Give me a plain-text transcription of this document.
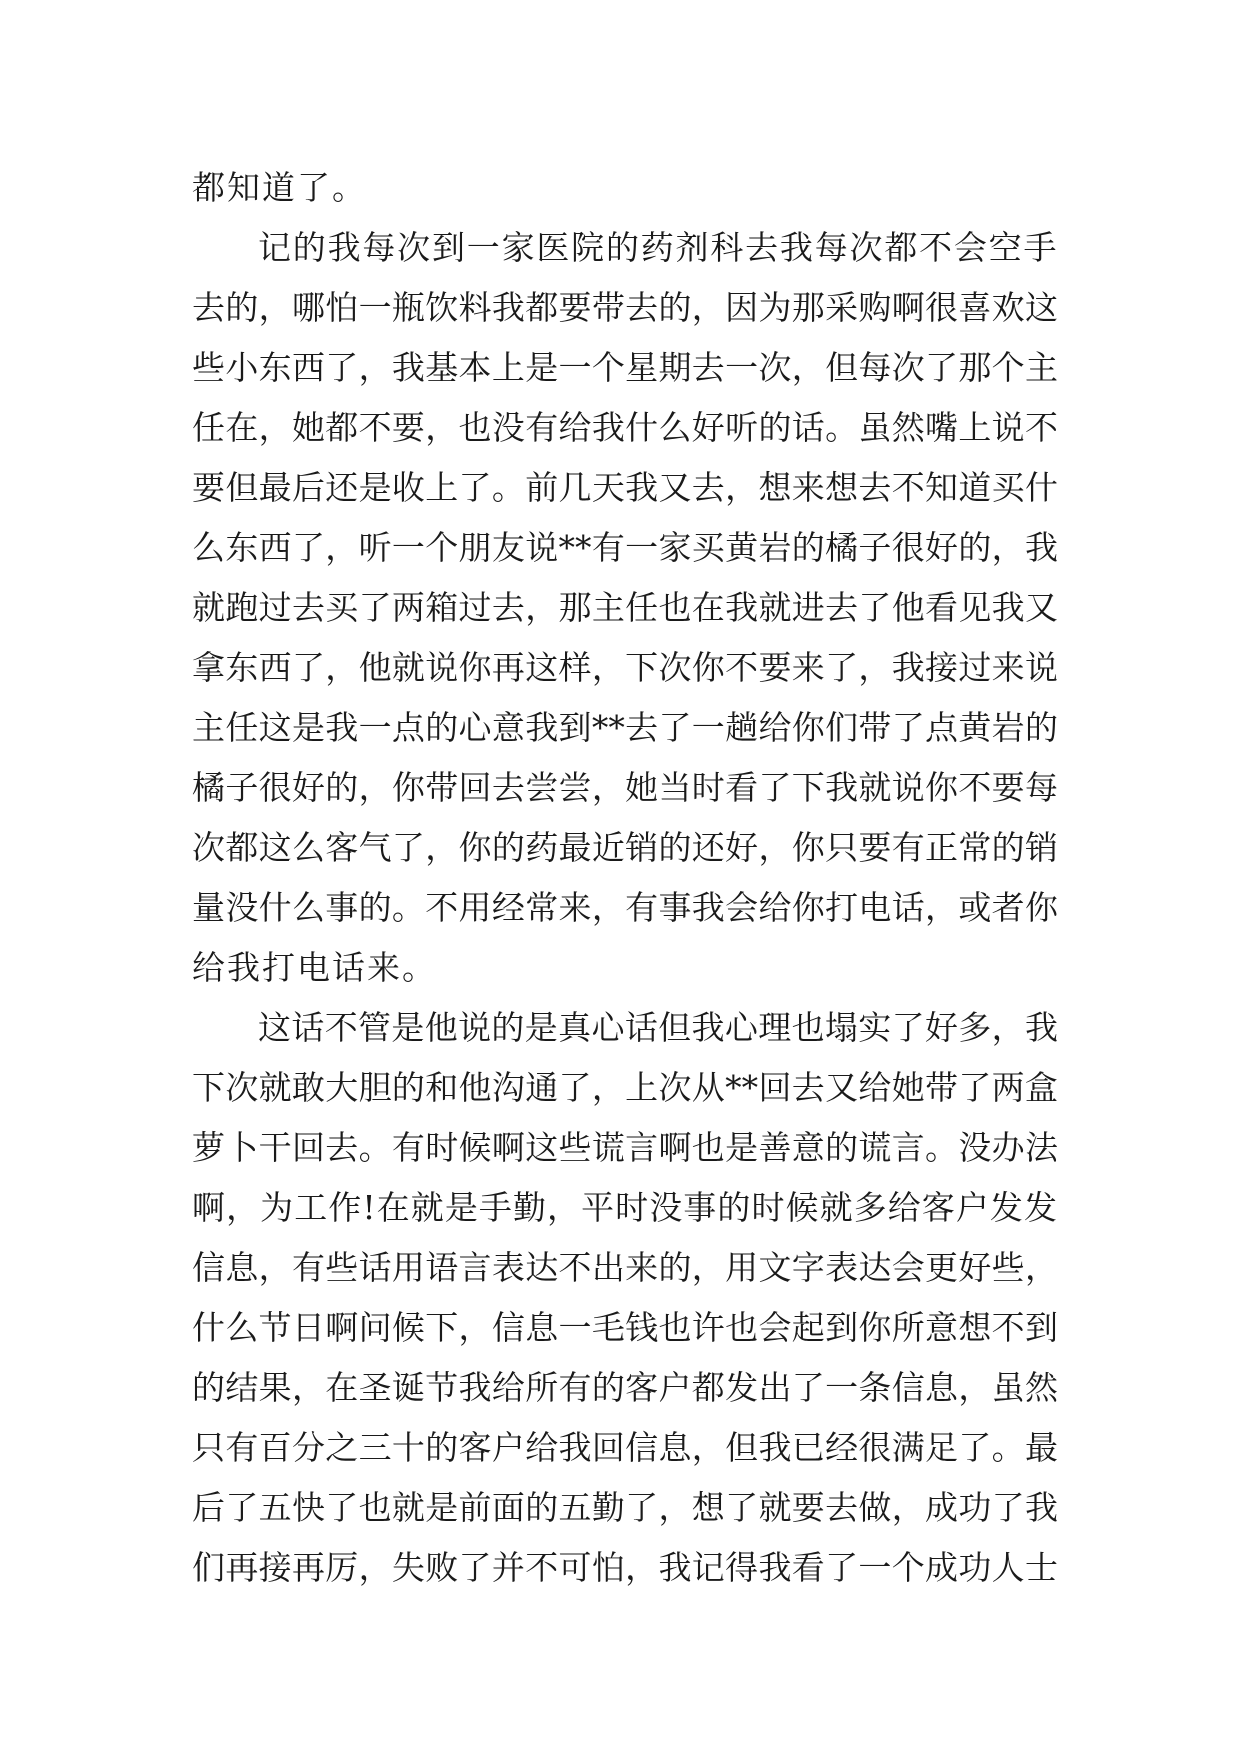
都知道了。
记的我每次到一家医院的药剂科去我每次都不会空手
去的，哪怕一瓶饮料我都要带去的，因为那采购啊很喜欢这
些小东西了，我基本上是一个星期去一次，但每次了那个主
任在，她都不要，也没有给我什么好听的话。虽然嘴上说不
要但最后还是收上了。前几天我又去，想来想去不知道买什
么东西了，听一个朋友说**有一家买黄岩的橘子很好的，我
就跑过去买了两箱过去，那主任也在我就进去了他看见我又
拿东西了，他就说你再这样，下次你不要来了，我接过来说
主任这是我一点的心意我到**去了一趟给你们带了点黄岩的
橘子很好的，你带回去尝尝，她当时看了下我就说你不要每
次都这么客气了，你的药最近销的还好，你只要有正常的销
量没什么事的。不用经常来，有事我会给你打电话，或者你
给我打电话来。
这话不管是他说的是真心话但我心理也塌实了好多，我
下次就敢大胆的和他沟通了，上次从**回去又给她带了两盒
萝卜干回去。有时候啊这些谎言啊也是善意的谎言。没办法
啊，为工作!在就是手勤，平时没事的时候就多给客户发发
信息，有些话用语言表达不出来的，用文字表达会更好些，
什么节日啊问候下，信息一毛钱也许也会起到你所意想不到
的结果，在圣诞节我给所有的客户都发出了一条信息，虽然
只有百分之三十的客户给我回信息，但我已经很满足了。最
后了五快了也就是前面的五勤了，想了就要去做，成功了我
们再接再厉，失败了并不可怕，我记得我看了一个成功人士
